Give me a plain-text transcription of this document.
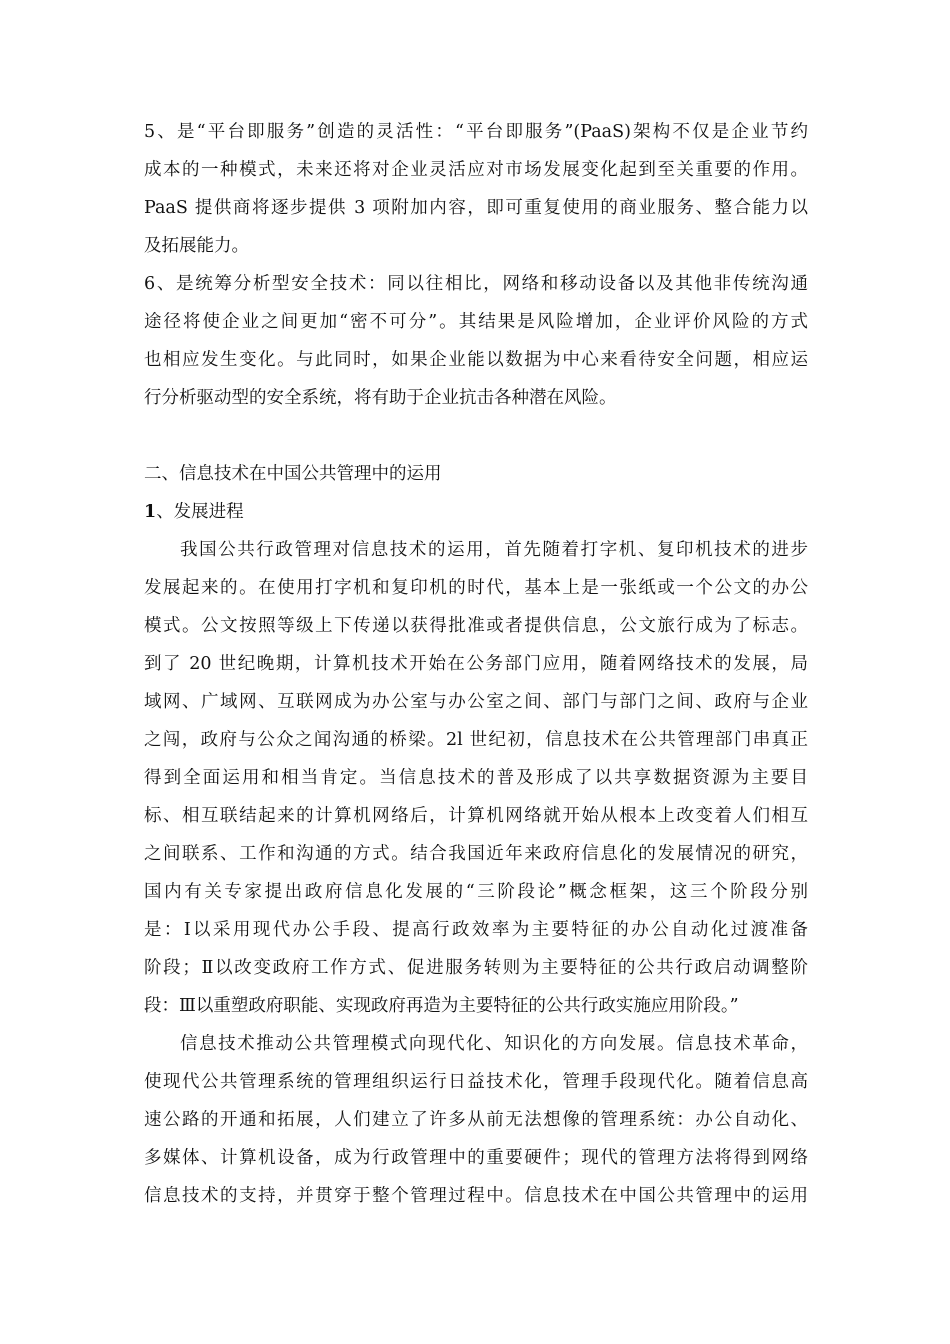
5、是“平台即服务”创造的灵活性：“平台即服务”(PaaS)架构不仅是企业节约
成本的一种模式，未来还将对企业灵活应对市场发展变化起到至关重要的作用。
PaaS 提供商将逐步提供 3 项附加内容，即可重复使用的商业服务、整合能力以
及拓展能力。
6、是统筹分析型安全技术：同以往相比，网络和移动设备以及其他非传统沟通
途径将使企业之间更加“密不可分”。其结果是风险增加，企业评价风险的方式
也相应发生变化。与此同时，如果企业能以数据为中心来看待安全问题，相应运
行分析驱动型的安全系统，将有助于企业抗击各种潜在风险。
二、信息技术在中国公共管理中的运用
1、发展进程
我国公共行政管理对信息技术的运用，首先随着打字机、复印机技术的进步
发展起来的。在使用打字机和复印机的时代，基本上是一张纸或一个公文的办公
模式。公文按照等级上下传递以获得批准或者提供信息，公文旅行成为了标志。
到了 20 世纪晚期，计算机技术开始在公务部门应用，随着网络技术的发展，局
域网、广域网、互联网成为办公室与办公室之间、部门与部门之间、政府与企业
之闯，政府与公众之闻沟通的桥梁。2l 世纪初，信息技术在公共管理部门串真正
得到全面运用和相当肯定。当信息技术的普及形成了以共享数据资源为主要目
标、相互联结起来的计算机网络后，计算机网络就开始从根本上改变着人们相互
之间联系、工作和沟通的方式。结合我国近年来政府信息化的发展情况的研究，
国内有关专家提出政府信息化发展的“三阶段论”概念框架，这三个阶段分别
是：Ⅰ以采用现代办公手段、提高行政效率为主要特征的办公自动化过渡准备
阶段；Ⅱ以改变政府工作方式、促进服务转则为主要特征的公共行政启动调整阶
段：Ⅲ以重塑政府职能、实现政府再造为主要特征的公共行政实施应用阶段。”
信息技术推动公共管理模式向现代化、知识化的方向发展。信息技术革命，
使现代公共管理系统的管理组织运行日益技术化，管理手段现代化。随着信息高
速公路的开通和拓展，人们建立了许多从前无法想像的管理系统：办公自动化、
多媒体、计算机设备，成为行政管理中的重要硬件；现代的管理方法将得到网络
信息技术的支持，并贯穿于整个管理过程中。信息技术在中国公共管理中的运用
